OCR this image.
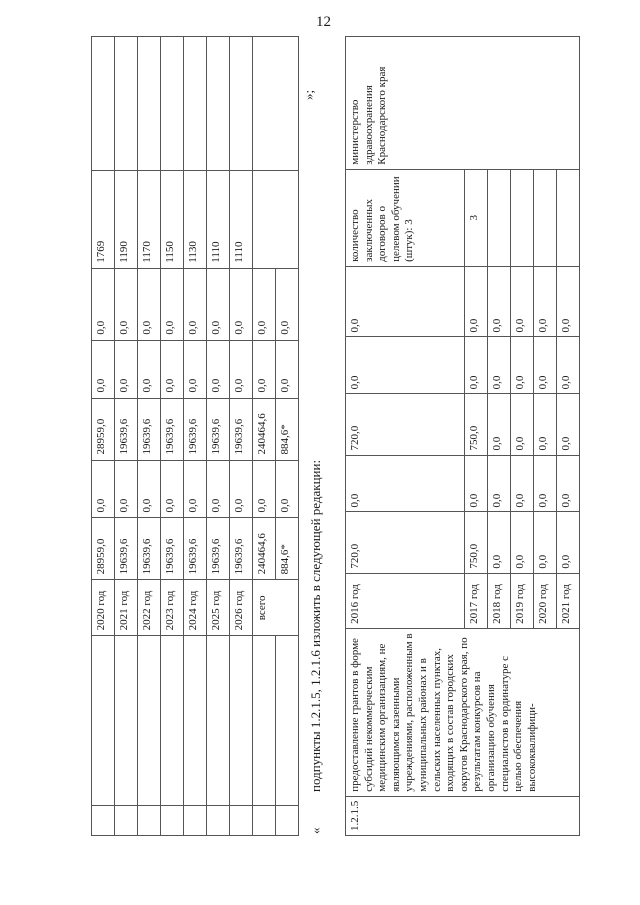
12
		2020 год	28959,0	0,0	28959,0	0,0	0,0	1769	
		2021 год	19639,6	0,0	19639,6	0,0	0,0	1190	
		2022 год	19639,6	0,0	19639,6	0,0	0,0	1170	
		2023 год	19639,6	0,0	19639,6	0,0	0,0	1150	
		2024 год	19639,6	0,0	19639,6	0,0	0,0	1130	
		2025 год	19639,6	0,0	19639,6	0,0	0,0	1110	
		2026 год	19639,6	0,0	19639,6	0,0	0,0	1110	
		всего	240464,6	0,0	240464,6	0,0	0,0		
			884,6*	0,0	884,6*	0,0	0,0		
«
подпункты 1.2.1.5, 1.2.1.6 изложить в следующей редакции:
»;
1.2.1.5	предоставление грантов в форме субсидий некоммерческим медицинским организациям, не являющимся казенными учреждениями, расположенным в муниципальных районах и в сельских населенных пунктах, входящих в состав городских округов Краснодарского края, по результатам конкурсов на организацию обучения специалистов в ординатуре с целью обеспечения высококвалифици-	2016 год	720,0	0,0	720,0	0,0	0,0	количество заключенных договоров о целевом обучении (штук): 3	министерство здравоохранения Краснодарского края
		2017 год	750,0	0,0	750,0	0,0	0,0	3	
		2018 год	0,0	0,0	0,0	0,0	0,0		
		2019 год	0,0	0,0	0,0	0,0	0,0		
		2020 год	0,0	0,0	0,0	0,0	0,0		
		2021 год	0,0	0,0	0,0	0,0	0,0		
